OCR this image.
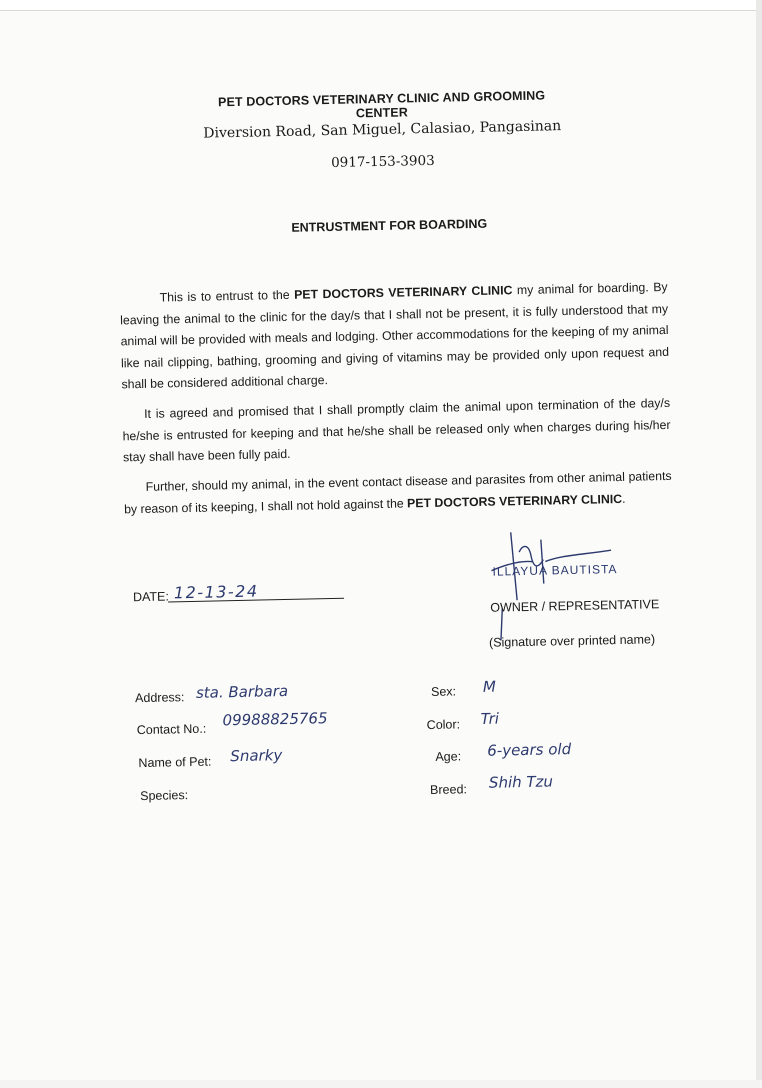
PET DOCTORS VETERINARY CLINIC AND GROOMING CENTER
Diversion Road, San Miguel, Calasiao, Pangasinan
0917-153-3903
ENTRUSTMENT FOR BOARDING
This is to entrust to the PET DOCTORS VETERINARY CLINIC my animal for boarding. By leaving the animal to the clinic for the day/s that I shall not be present, it is fully understood that my animal will be provided with meals and lodging. Other accommodations for the keeping of my animal like nail clipping, bathing, grooming and giving of vitamins may be provided only upon request and shall be considered additional charge.
It is agreed and promised that I shall promptly claim the animal upon termination of the day/s he/she is entrusted for keeping and that he/she shall be released only when charges during his/her stay shall have been fully paid.
Further, should my animal, in the event contact disease and parasites from other animal patients by reason of its keeping, I shall not hold against the PET DOCTORS VETERINARY CLINIC.
DATE: 12-13-24
ILLAYUA BAUTISTA
OWNER / REPRESENTATIVE
(Signature over printed name)
Address: sta. Barbara
Contact No.:
09988825765
Name of Pet: Snarky
Species:
Sex: M
Color: Tri
Age: 6-years old
Breed: Shih Tzu
